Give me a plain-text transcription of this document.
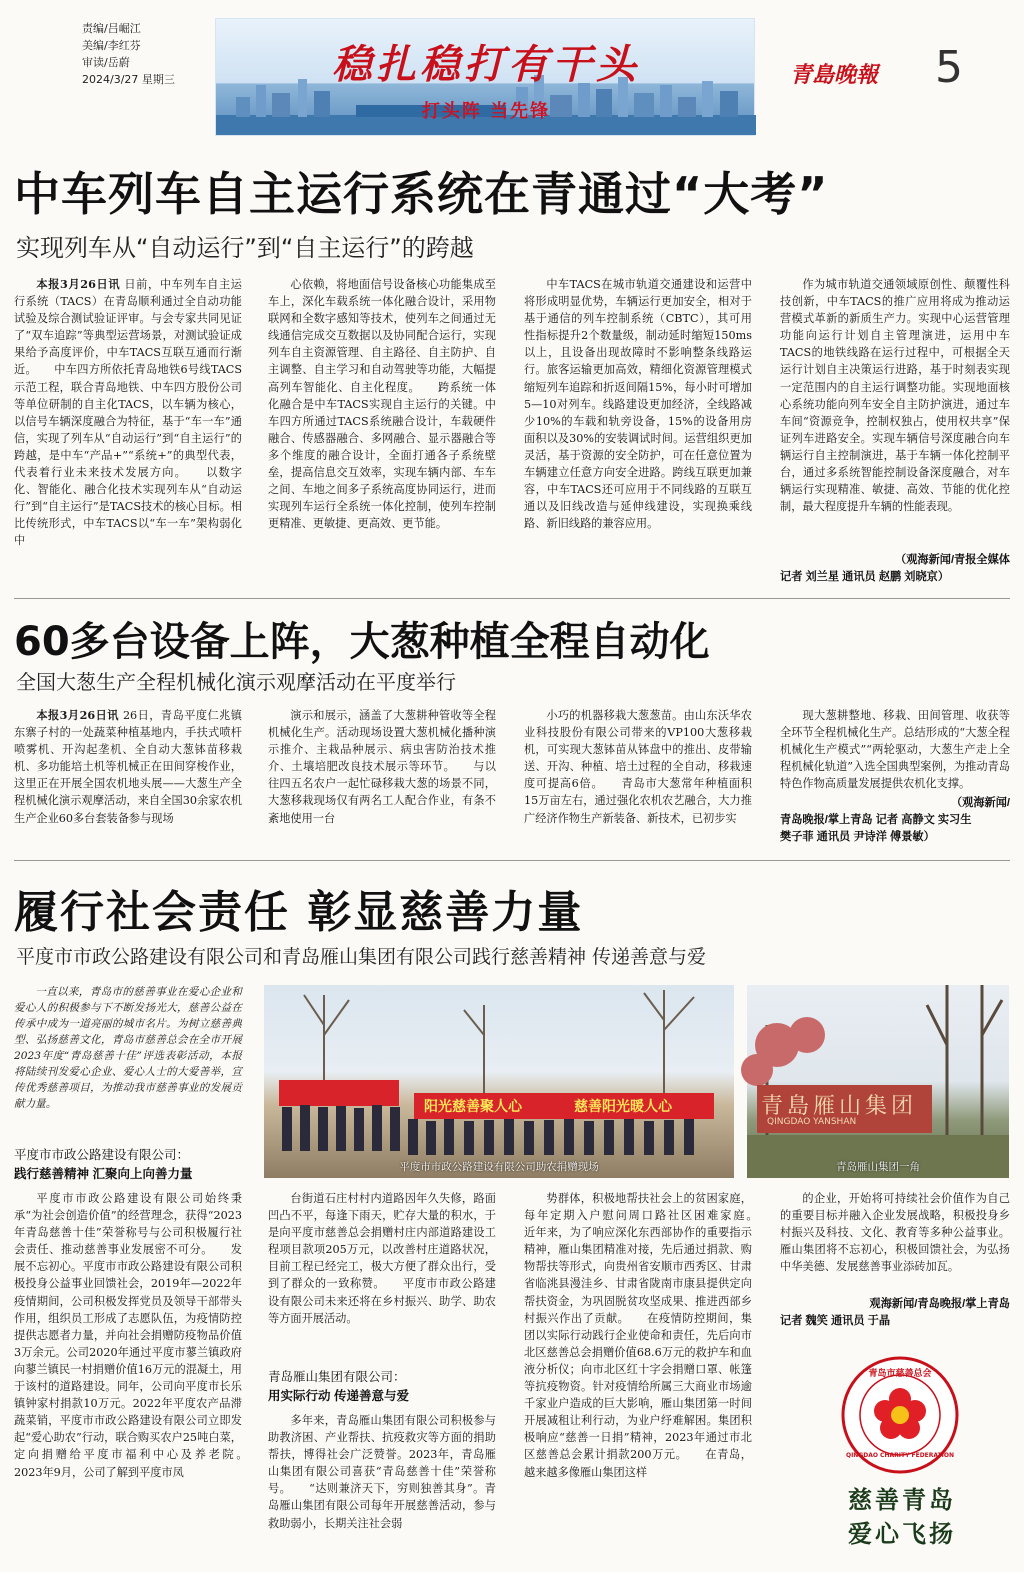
责编/吕崛江
美编/李红芬
审读/岳蔚
2024/3/27 星期三	稳扎稳打有干头
打头阵 当先锋
青島晚報 5
中车列车自主运行系统在青通过“大考”
实现列车从“自动运行”到“自主运行”的跨越

本报3月26日讯 日前，中车列车自主运行系统（TACS）在青岛顺利通过全自动功能试验及综合测试验证评审。与会专家共同见证了“双车追踪”等典型运营场景，对测试验证成果给予高度评价，中车TACS互联互通而行渐近。　　中车四方所依托青岛地铁6号线TACS示范工程，联合青岛地铁、中车四方股份公司等单位研制的自主化TACS，以车辆为核心，以信号车辆深度融合为特征，基于“车一车”通信，实现了列车从“自动运行”到“自主运行”的跨越，是中车“产品+”“系统+”的典型代表，代表着行业未来技术发展方向。　　以数字化、智能化、融合化技术实现列车从“自动运行”到“自主运行”是TACS技术的核心目标。相比传统形式，中车TACS以“车一车”架构弱化中

心依赖，将地面信号设备核心功能集成至车上，深化车载系统一体化融合设计，采用物联网和全数字感知等技术，使列车之间通过无线通信完成交互数据以及协同配合运行，实现列车自主资源管理、自主路径、自主防护、自主调整、自主学习和自动驾驶等功能，大幅提高列车智能化、自主化程度。　　跨系统一体化融合是中车TACS实现自主运行的关键。中车四方所通过TACS系统融合设计，车载硬件融合、传感器融合、多网融合、显示器融合等多个维度的融合设计，全面打通各子系统壁垒，提高信息交互效率，实现车辆内部、车车之间、车地之间多子系统高度协同运行，进而实现列车运行全系统一体化控制，使列车控制更精准、更敏捷、更高效、更节能。

中车TACS在城市轨道交通建设和运营中将形成明显优势，车辆运行更加安全，相对于基于通信的列车控制系统（CBTC），其可用性指标提升2个数量级，制动延时缩短150ms以上，且设备出现故障时不影响整条线路运行。旅客运输更加高效，精细化资源管理模式缩短列车追踪和折返间隔15%，每小时可增加5—10对列车。线路建设更加经济，全线路减少10%的车载和轨旁设备，15%的设备用房面积以及30%的安装调试时间。运营组织更加灵活，基于资源的安全防护，可在任意位置为车辆建立任意方向安全进路。跨线互联更加兼容，中车TACS还可应用于不同线路的互联互通以及旧线改造与延伸线建设，实现换乘线路、新旧线路的兼容应用。

作为城市轨道交通领域原创性、颠覆性科技创新，中车TACS的推广应用将成为推动运营模式革新的新质生产力。实现中心运营管理功能向运行计划自主管理演进，运用中车TACS的地铁线路在运行过程中，可根据全天运行计划自主决策运行进路，基于时刻表实现一定范围内的自主运行调整功能。实现地面核心系统功能向列车安全自主防护演进，通过车车间“资源竞争，控制权独占，使用权共享”保证列车进路安全。实现车辆信号深度融合向车辆运行自主控制演进，基于车辆一体化控制平台，通过多系统智能控制设备深度融合，对车辆运行实现精准、敏捷、高效、节能的优化控制，最大程度提升车辆的性能表现。

（观海新闻/青报全媒体
记者 刘兰星 通讯员 赵鹏 刘晓京）
60多台设备上阵，大葱种植全程自动化
全国大葱生产全程机械化演示观摩活动在平度举行

本报3月26日讯 26日，青岛平度仁兆镇东寨子村的一处蔬菜种植基地内，手扶式喷杆喷雾机、开沟起垄机、全自动大葱钵苗移栽机、多功能培土机等机械正在田间穿梭作业，这里正在开展全国农机地头展——大葱生产全程机械化演示观摩活动，来自全国30余家农机生产企业60多台套装备参与现场

演示和展示，涵盖了大葱耕种管收等全程机械化生产。活动现场设置大葱机械化播种演示推介、主栽品种展示、病虫害防治技术推介、土壤培肥改良技术展示等环节。　　与以往四五名农户一起忙碌移栽大葱的场景不同，大葱移栽现场仅有两名工人配合作业，有条不紊地使用一台

小巧的机器移栽大葱葱苗。由山东沃华农业科技股份有限公司带来的VP100大葱移栽机，可实现大葱钵苗从钵盘中的推出、皮带输送、开沟、种植、培土过程的全自动，移栽速度可提高6倍。　　青岛市大葱常年种植面积15万亩左右，通过强化农机农艺融合，大力推广经济作物生产新装备、新技术，已初步实

现大葱耕整地、移栽、田间管理、收获等全环节全程机械化生产。总结形成的“大葱全程机械化生产模式”“两轮驱动，大葱生产走上全程机械化轨道”入选全国典型案例，为推动青岛特色作物高质量发展提供农机化支撑。

（观海新闻/
青岛晚报/掌上青岛 记者 高静文 实习生
樊子菲 通讯员 尹诗洋 傅景敏）
履行社会责任 彰显慈善力量
平度市市政公路建设有限公司和青岛雁山集团有限公司践行慈善精神 传递善意与爱

一直以来，青岛市的慈善事业在爱心企业和爱心人的积极参与下不断发扬光大，慈善公益在传承中成为一道亮丽的城市名片。为树立慈善典型、弘扬慈善文化，青岛市慈善总会在全市开展2023年度“青岛慈善十佳”评选表彰活动，本报将陆续刊发爱心企业、爱心人士的大爱善举，宣传优秀慈善项目，为推动我市慈善事业的发展贡献力量。

平度市市政公路建设有限公司：
践行慈善精神 汇聚向上向善力量
阳光慈善聚人心	慈善阳光暖人心
平度市市政公路建设有限公司助农捐赠现场
青島雁山集团
QINGDAO YANSHAN
青岛雁山集团一角

平度市市政公路建设有限公司始终秉承“为社会创造价值”的经营理念，获得“2023年青岛慈善十佳”荣誉称号与公司积极履行社会责任、推动慈善事业发展密不可分。　　发展不忘初心。平度市市政公路建设有限公司积极投身公益事业回馈社会，2019年—2022年疫情期间，公司积极发挥党员及领导干部带头作用，组织员工形成了志愿队伍，为疫情防控提供志愿者力量，并向社会捐赠防疫物品价值3万余元。公司2020年通过平度市蓼兰镇政府向蓼兰镇民一村捐赠价值16万元的混凝土，用于该村的道路建设。同年，公司向平度市长乐镇钟家村捐款10万元。2022年平度农产品滞蔬菜销，平度市市政公路建设有限公司立即发起“爱心助农”行动，联合购买农户25吨白菜，定向捐赠给平度市福利中心及养老院。　　2023年9月，公司了解到平度市凤

台街道石庄村村内道路因年久失修，路面凹凸不平，每逢下雨天，贮存大量的积水，于是向平度市慈善总会捐赠村庄内部道路建设工程项目款项205万元，以改善村庄道路状况，目前工程已经完工，极大方便了群众出行，受到了群众的一致称赞。　　平度市市政公路建设有限公司未来还将在乡村振兴、助学、助农等方面开展活动。

青岛雁山集团有限公司：
用实际行动 传递善意与爱

多年来，青岛雁山集团有限公司积极参与助教济困、产业帮扶、抗疫救灾等方面的捐助帮扶，博得社会广泛赞誉。2023年，青岛雁山集团有限公司喜获“青岛慈善十佳”荣誉称号。　　“达则兼济天下，穷则独善其身”。青岛雁山集团有限公司每年开展慈善活动，参与救助弱小，长期关注社会弱

势群体，积极地帮扶社会上的贫困家庭，每年定期入户慰问周口路社区困难家庭。　　近年来，为了响应深化东西部协作的重要指示精神，雁山集团精准对接，先后通过捐款、购物帮扶等形式，向贵州省安顺市西秀区、甘肃省临洮县漫洼乡、甘肃省陇南市康县提供定向帮扶资金，为巩固脱贫攻坚成果、推进西部乡村振兴作出了贡献。　　在疫情防控期间，集团以实际行动践行企业使命和责任，先后向市北区慈善总会捐赠价值68.6万元的救护车和血液分析仪；向市北区红十字会捐赠口罩、帐篷等抗疫物资。针对疫情给所属三大商业市场逾千家业户造成的巨大影响，雁山集团第一时间开展减租让利行动，为业户纾难解困。集团积极响应“慈善一日捐”精神，2023年通过市北区慈善总会累计捐款200万元。　　在青岛，越来越多像雁山集团这样

的企业，开始将可持续社会价值作为自己的重要目标并融入企业发展战略，积极投身乡村振兴及科技、文化、教育等多种公益事业。雁山集团将不忘初心，积极回馈社会，为弘扬中华美德、发展慈善事业添砖加瓦。

观海新闻/青岛晚报/掌上青岛
记者 魏笑 通讯员 于晶
青岛市慈善总会
QINGDAO CHARITY FEDERATION
慈善青岛
爱心飞扬
